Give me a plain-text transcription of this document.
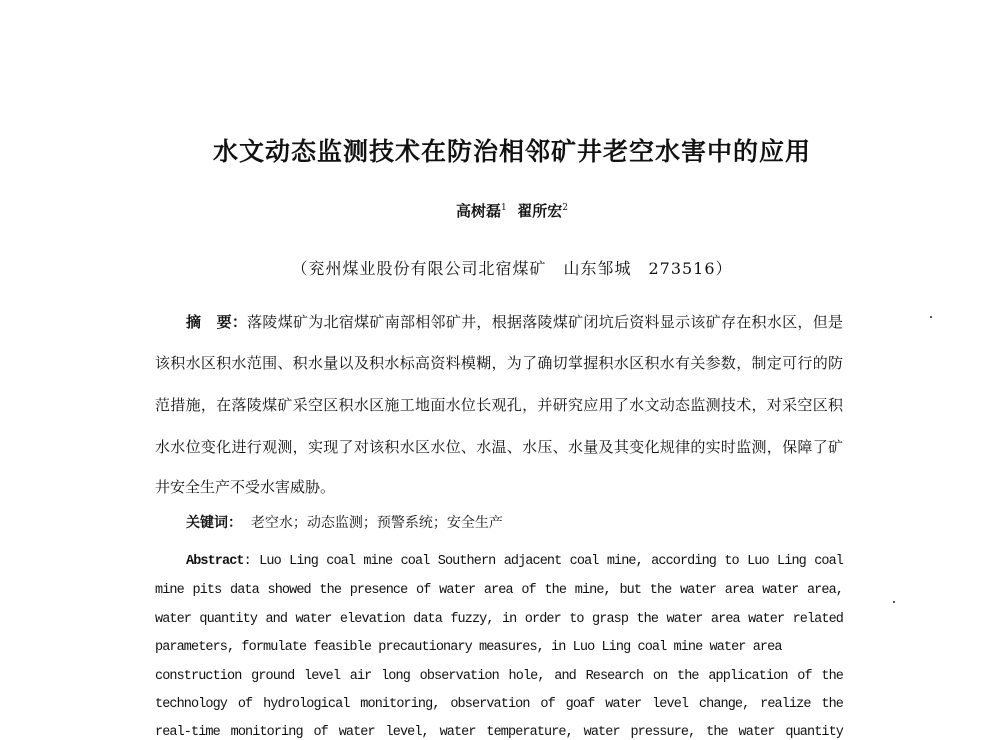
水文动态监测技术在防治相邻矿井老空水害中的应用
高树磊$^1$ 翟所宏$^2$
（兖州煤业股份有限公司北宿煤矿　山东邹城　273516）
摘　要：落陵煤矿为北宿煤矿南部相邻矿井，根据落陵煤矿闭坑后资料显示该矿存在积水区，但是
该积水区积水范围、积水量以及积水标高资料模糊，为了确切掌握积水区积水有关参数，制定可行的防
范措施，在落陵煤矿采空区积水区施工地面水位长观孔，并研究应用了水文动态监测技术，对采空区积
水水位变化进行观测，实现了对该积水区水位、水温、水压、水量及其变化规律的实时监测，保障了矿
井安全生产不受水害威胁。
关键词： 老空水；动态监测；预警系统；安全生产
Abstract: Luo Ling coal mine coal Southern adjacent coal mine, according to Luo Ling coal
mine pits data showed the presence of water area of the mine, but the water area water area,
water quantity and water elevation data fuzzy, in order to grasp the water area water related
parameters, formulate feasible precautionary measures, in Luo Ling coal mine water area
construction ground level air long observation hole, and Research on the application of the
technology of hydrological monitoring, observation of goaf water level change, realize the
real-time monitoring of water level, water temperature, water pressure, the water quantity
